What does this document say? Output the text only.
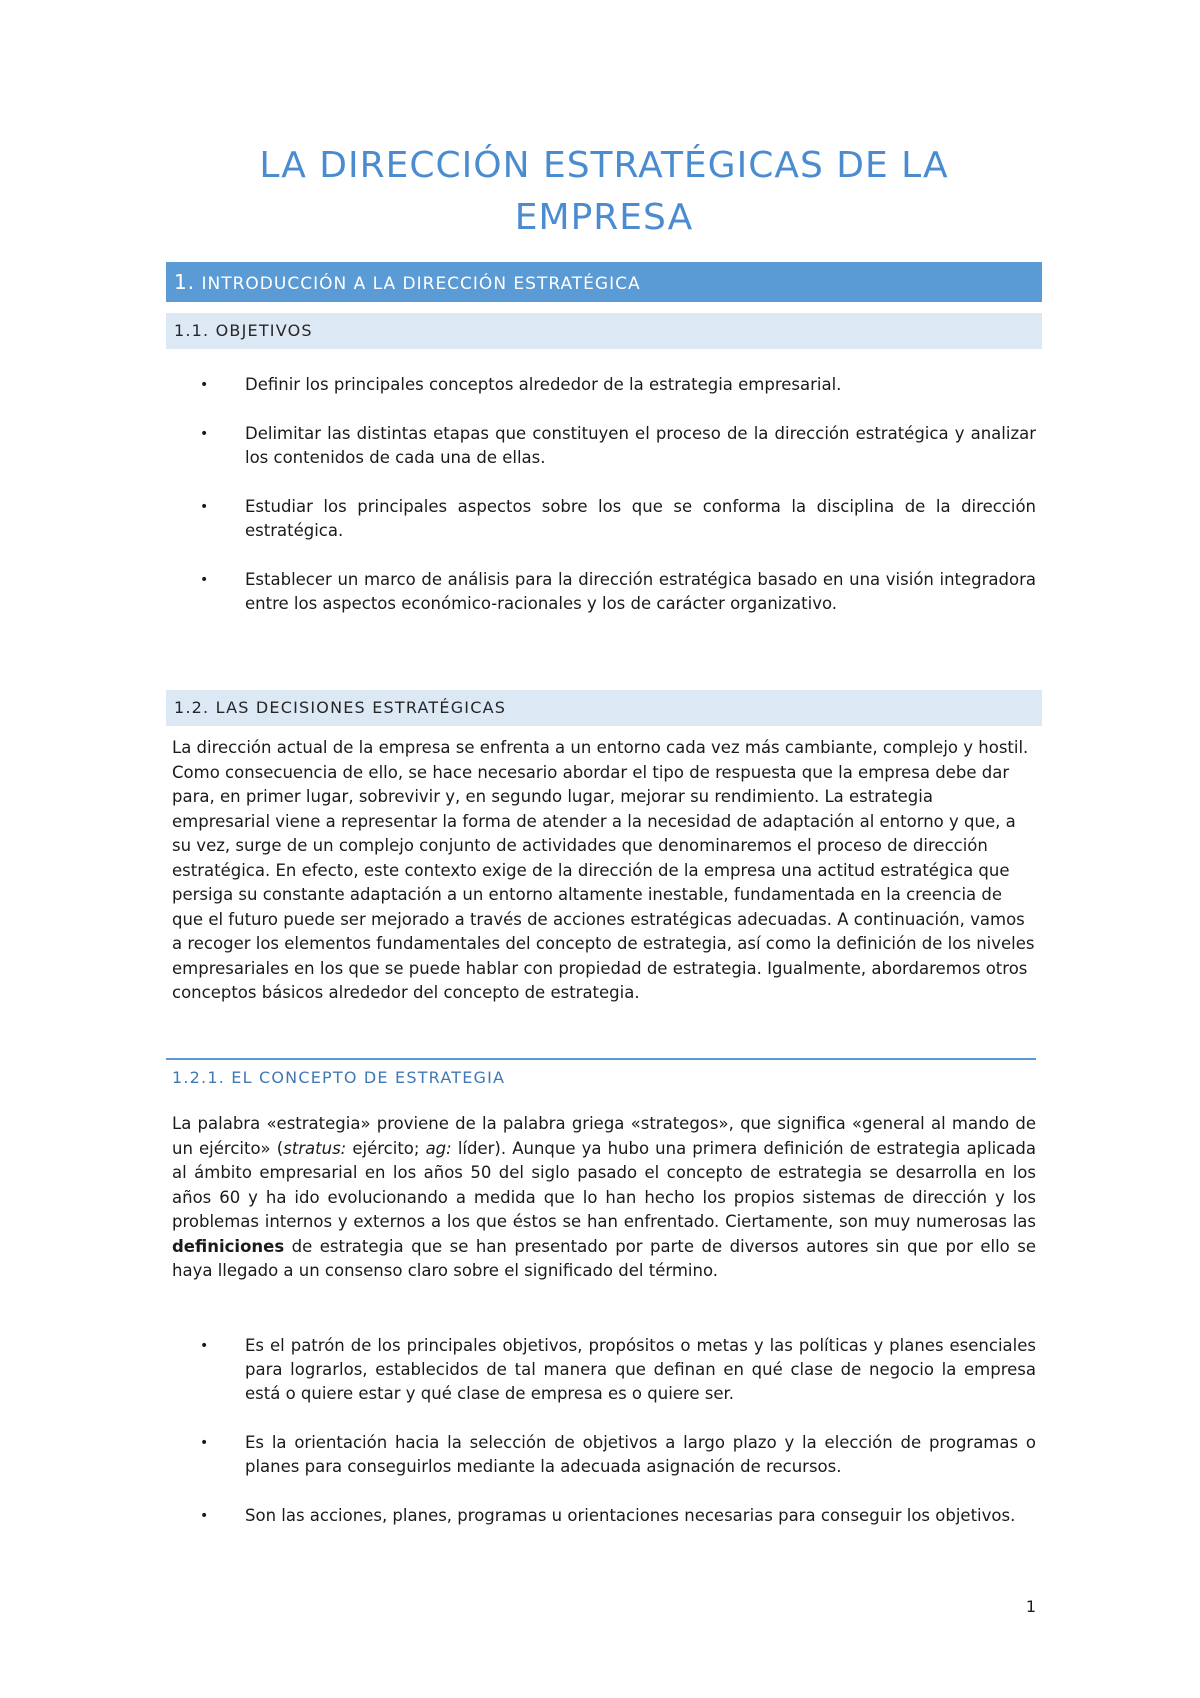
LA DIRECCIÓN ESTRATÉGICAS DE LA EMPRESA
1. INTRODUCCIÓN A LA DIRECCIÓN ESTRATÉGICA
1.1. OBJETIVOS
• Definir los principales conceptos alrededor de la estrategia empresarial.
• Delimitar las distintas etapas que constituyen el proceso de la dirección estratégica y analizar los contenidos de cada una de ellas.
• Estudiar los principales aspectos sobre los que se conforma la disciplina de la dirección estratégica.
• Establecer un marco de análisis para la dirección estratégica basado en una visión integradora entre los aspectos económico-racionales y los de carácter organizativo.
1.2. LAS DECISIONES ESTRATÉGICAS

La dirección actual de la empresa se enfrenta a un entorno cada vez más cambiante, complejo y hostil. Como consecuencia de ello, se hace necesario abordar el tipo de respuesta que la empresa debe dar para, en primer lugar, sobrevivir y, en segundo lugar, mejorar su rendimiento. La estrategia empresarial viene a representar la forma de atender a la necesidad de adaptación al entorno y que, a su vez, surge de un complejo conjunto de actividades que denominaremos el proceso de dirección estratégica. En efecto, este contexto exige de la dirección de la empresa una actitud estratégica que persiga su constante adaptación a un entorno altamente inestable, fundamentada en la creencia de que el futuro puede ser mejorado a través de acciones estratégicas adecuadas. A continuación, vamos a recoger los elementos fundamentales del concepto de estrategia, así como la definición de los niveles empresariales en los que se puede hablar con propiedad de estrategia. Igualmente, abordaremos otros conceptos básicos alrededor del concepto de estrategia.

1.2.1. EL CONCEPTO DE ESTRATEGIA

La palabra «estrategia» proviene de la palabra griega «strategos», que significa «general al mando de un ejército» (stratus: ejército; ag: líder). Aunque ya hubo una primera definición de estrategia aplicada al ámbito empresarial en los años 50 del siglo pasado el concepto de estrategia se desarrolla en los años 60 y ha ido evolucionando a medida que lo han hecho los propios sistemas de dirección y los problemas internos y externos a los que éstos se han enfrentado. Ciertamente, son muy numerosas las definiciones de estrategia que se han presentado por parte de diversos autores sin que por ello se haya llegado a un consenso claro sobre el significado del término.

• Es el patrón de los principales objetivos, propósitos o metas y las políticas y planes esenciales para lograrlos, establecidos de tal manera que definan en qué clase de negocio la empresa está o quiere estar y qué clase de empresa es o quiere ser.
• Es la orientación hacia la selección de objetivos a largo plazo y la elección de programas o planes para conseguirlos mediante la adecuada asignación de recursos.
• Son las acciones, planes, programas u orientaciones necesarias para conseguir los objetivos.
1
